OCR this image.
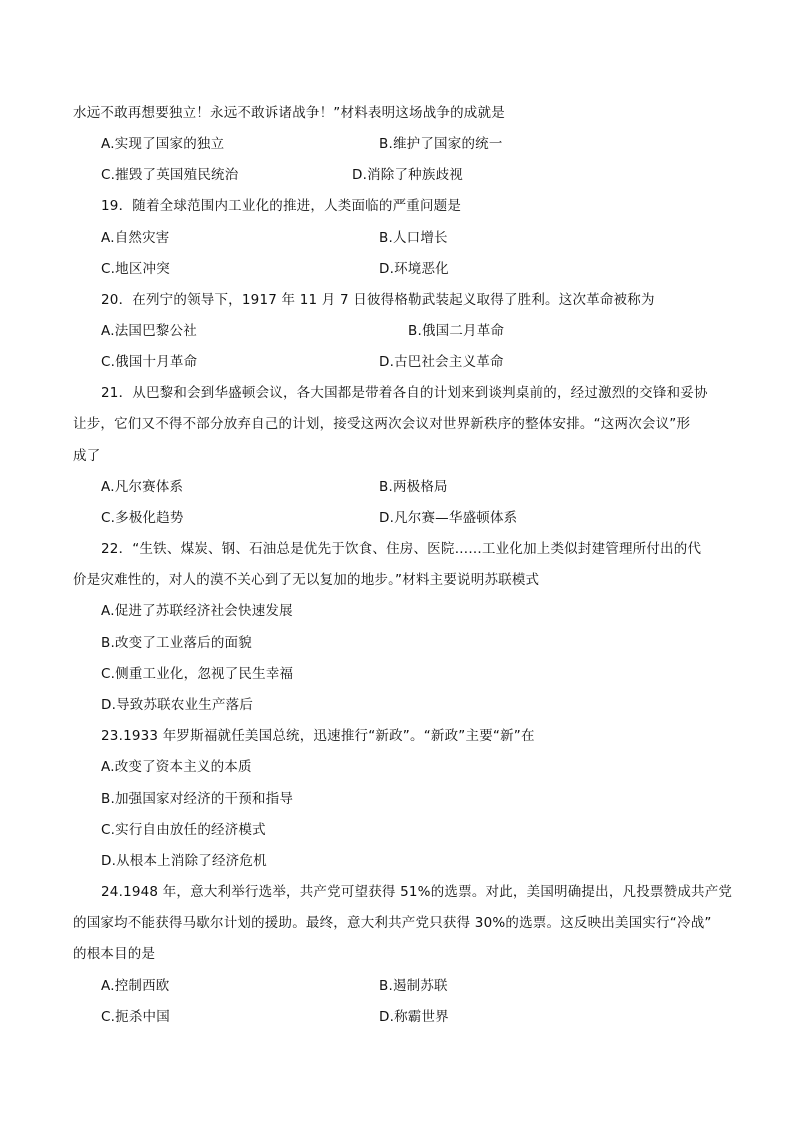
水远不敢再想要独立！永远不敢诉诸战争！”材料表明这场战争的成就是
A.实现了国家的独立	B.维护了国家的统一
C.摧毁了英国殖民统治	D.消除了种族歧视
19．随着全球范围内工业化的推进，人类面临的严重问题是
A.自然灾害	B.人口增长
C.地区冲突	D.环境恶化
20．在列宁的领导下，1917 年 11 月 7 日彼得格勒武装起义取得了胜利。这次革命被称为
A.法国巴黎公社	B.俄国二月革命
C.俄国十月革命	D.古巴社会主义革命
21．从巴黎和会到华盛顿会议，各大国都是带着各自的计划来到谈判桌前的，经过激烈的交锋和妥协
让步，它们又不得不部分放弃自己的计划，接受这两次会议对世界新秩序的整体安排。“这两次会议”形
成了
A.凡尔赛体系	B.两极格局
C.多极化趋势	D.凡尔赛—华盛顿体系
22．“生铁、煤炭、钢、石油总是优先于饮食、住房、医院……工业化加上类似封建管理所付出的代
价是灾难性的，对人的漠不关心到了无以复加的地步。”材料主要说明苏联模式
A.促进了苏联经济社会快速发展
B.改变了工业落后的面貌
C.侧重工业化，忽视了民生幸福
D.导致苏联农业生产落后
23.1933 年罗斯福就任美国总统，迅速推行“新政”。“新政”主要“新”在
A.改变了资本主义的本质
B.加强国家对经济的干预和指导
C.实行自由放任的经济模式
D.从根本上消除了经济危机
24.1948 年，意大利举行选举，共产党可望获得 51%的选票。对此，美国明确提出，凡投票赞成共产党
的国家均不能获得马歇尔计划的援助。最终，意大利共产党只获得 30%的选票。这反映出美国实行“冷战”
的根本目的是
A.控制西欧	B.遏制苏联
C.扼杀中国	D.称霸世界
